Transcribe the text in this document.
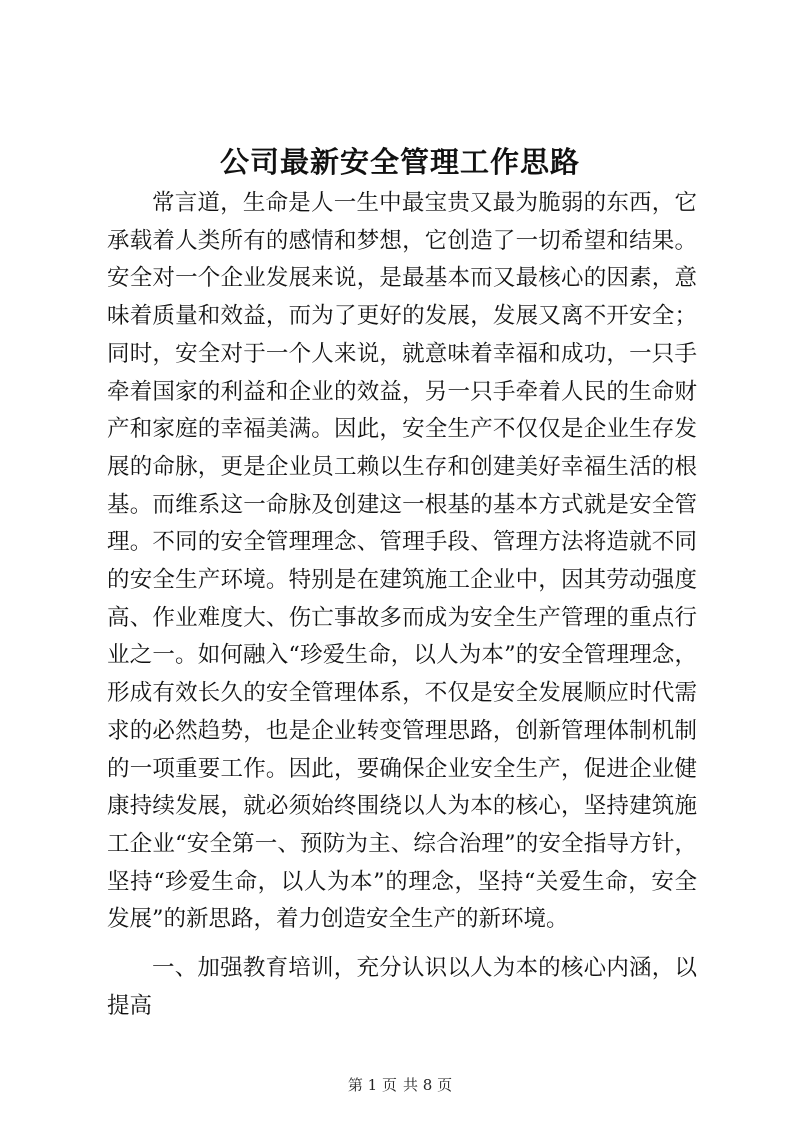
公司最新安全管理工作思路

常言道，生命是人一生中最宝贵又最为脆弱的东西，它承载着人类所有的感情和梦想，它创造了一切希望和结果。安全对一个企业发展来说，是最基本而又最核心的因素，意味着质量和效益，而为了更好的发展，发展又离不开安全；同时，安全对于一个人来说，就意味着幸福和成功，一只手牵着国家的利益和企业的效益，另一只手牵着人民的生命财产和家庭的幸福美满。因此，安全生产不仅仅是企业生存发展的命脉，更是企业员工赖以生存和创建美好幸福生活的根基。而维系这一命脉及创建这一根基的基本方式就是安全管理。不同的安全管理理念、管理手段、管理方法将造就不同的安全生产环境。特别是在建筑施工企业中，因其劳动强度高、作业难度大、伤亡事故多而成为安全生产管理的重点行业之一。如何融入“珍爱生命，以人为本”的安全管理理念，形成有效长久的安全管理体系，不仅是安全发展顺应时代需求的必然趋势，也是企业转变管理思路，创新管理体制机制的一项重要工作。因此，要确保企业安全生产，促进企业健康持续发展，就必须始终围绕以人为本的核心，坚持建筑施工企业“安全第一、预防为主、综合治理”的安全指导方针，坚持“珍爱生命，以人为本”的理念，坚持“关爱生命，安全发展”的新思路，着力创造安全生产的新环境。

一、加强教育培训，充分认识以人为本的核心内涵，以提高

第 1 页 共 8 页
